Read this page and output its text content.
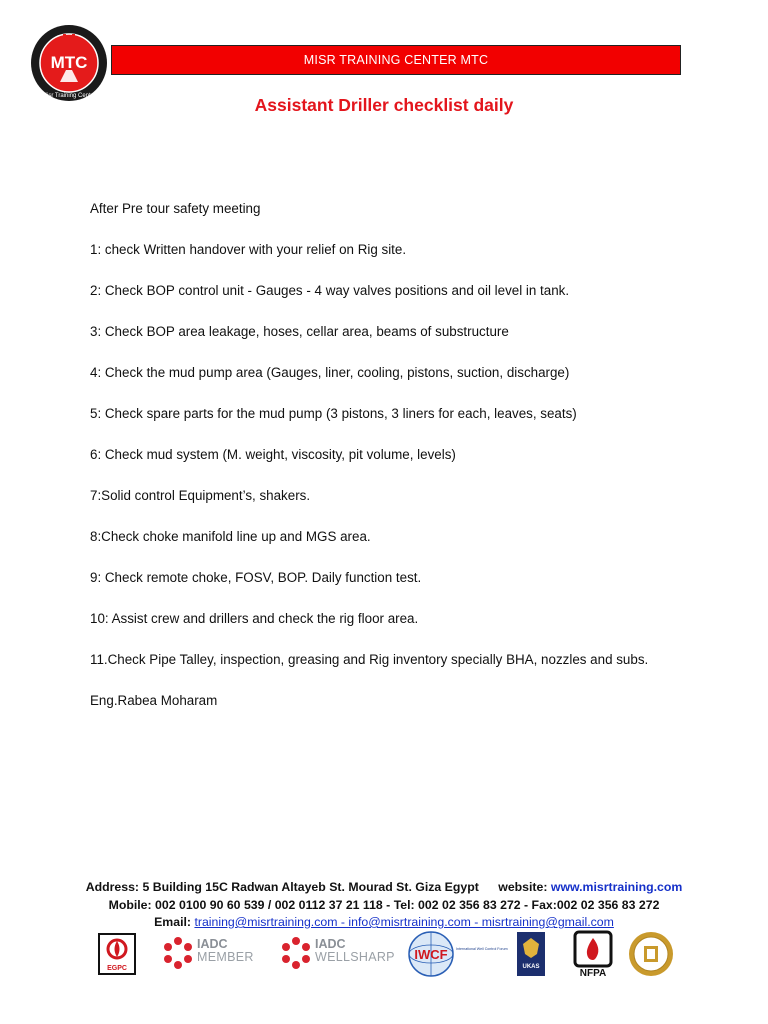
MTC
Misr Training Center
MISR TRAINING CENTER MTC
Assistant Driller checklist daily

After Pre tour safety meeting

1: check Written handover with your relief on Rig site.

2: Check BOP control unit - Gauges - 4 way valves positions and oil level in tank.

3: Check BOP area leakage, hoses, cellar area, beams of substructure

4: Check the mud pump area (Gauges, liner, cooling, pistons, suction, discharge)

5: Check spare parts for the mud pump (3 pistons, 3 liners for each, leaves, seats)

6: Check mud system (M. weight, viscosity, pit volume, levels)

7:Solid control Equipment’s, shakers.

8:Check choke manifold line up and MGS area.

9: Check remote choke, FOSV, BOP. Daily function test.

10: Assist crew and drillers and check the rig floor area.

11.Check Pipe Talley, inspection, greasing and Rig inventory specially BHA, nozzles and subs.

Eng.Rabea Moharam

Address: 5 Building 15C Radwan Altayeb St. Mourad St. Giza Egypt website: www.misrtraining.com
Mobile: 002 0100 90 60 539 / 002 0112 37 21 118 - Tel: 002 02 356 83 272 - Fax:002 02 356 83 272
Email: training@misrtraining.com - info@misrtraining.com - misrtraining@gmail.com
EGPC
IADC
MEMBER
IADC
WELLSHARP IWCF International Well Control Forum
UKAS
NFPA
